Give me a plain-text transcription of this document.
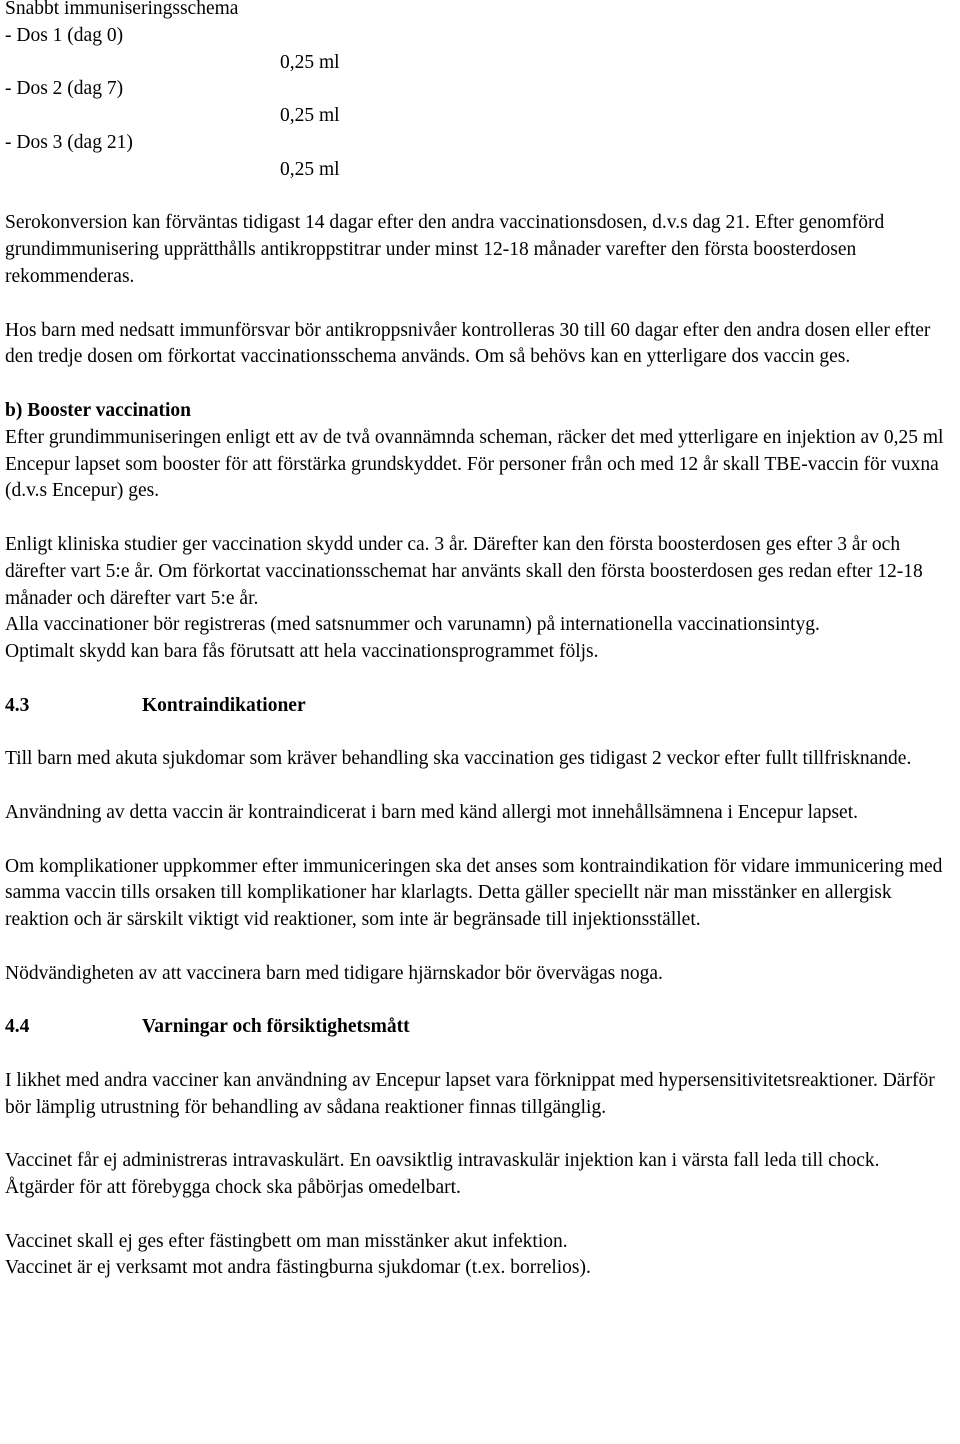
Snabbt immuniseringsschema

- Dos 1 (dag 0)
0,25 ml
- Dos 2 (dag 7)
0,25 ml
- Dos 3 (dag 21)
0,25 ml

Serokonversion kan förväntas tidigast 14 dagar efter den andra vaccinationsdosen, d.v.s dag 21. Efter genomförd grundimmunisering upprätthålls antikroppstitrar under minst 12-18 månader varefter den första boosterdosen rekommenderas.

Hos barn med nedsatt immunförsvar bör antikroppsnivåer kontrolleras 30 till 60 dagar efter den andra dosen eller efter den tredje dosen om förkortat vaccinationsschema används. Om så behövs kan en ytterligare dos vaccin ges.

b) Booster vaccination

Efter grundimmuniseringen enligt ett av de två ovannämnda scheman, räcker det med ytterligare en injektion av 0,25 ml Encepur lapset som booster för att förstärka grundskyddet. För personer från och med 12 år skall TBE-vaccin för vuxna (d.v.s Encepur) ges.

Enligt kliniska studier ger vaccination skydd under ca. 3 år. Därefter kan den första boosterdosen ges efter 3 år och därefter vart 5:e år. Om förkortat vaccinationsschemat har använts skall den första boosterdosen ges redan efter 12-18 månader och därefter vart 5:e år.

Alla vaccinationer bör registreras (med satsnummer och varunamn) på internationella vaccinationsintyg.

Optimalt skydd kan bara fås förutsatt att hela vaccinationsprogrammet följs.

4.3	Kontraindikationer

Till barn med akuta sjukdomar som kräver behandling ska vaccination ges tidigast 2 veckor efter fullt tillfrisknande.

Användning av detta vaccin är kontraindicerat i barn med känd allergi mot innehållsämnena i Encepur lapset.

Om komplikationer uppkommer efter immuniceringen ska det anses som kontraindikation för vidare immunicering med samma vaccin tills orsaken till komplikationer har klarlagts. Detta gäller speciellt när man misstänker en allergisk reaktion och är särskilt viktigt vid reaktioner, som inte är begränsade till injektionsstället.

Nödvändigheten av att vaccinera barn med tidigare hjärnskador bör övervägas noga.

4.4	Varningar och försiktighetsmått

I likhet med andra vacciner kan användning av Encepur lapset vara förknippat med hypersensitivitetsreaktioner. Därför bör lämplig utrustning för behandling av sådana reaktioner finnas tillgänglig.

Vaccinet får ej administreras intravaskulärt. En oavsiktlig intravaskulär injektion kan i värsta fall leda till chock. Åtgärder för att förebygga chock ska påbörjas omedelbart.

Vaccinet skall ej ges efter fästingbett om man misstänker akut infektion.

Vaccinet är ej verksamt mot andra fästingburna sjukdomar (t.ex. borrelios).
